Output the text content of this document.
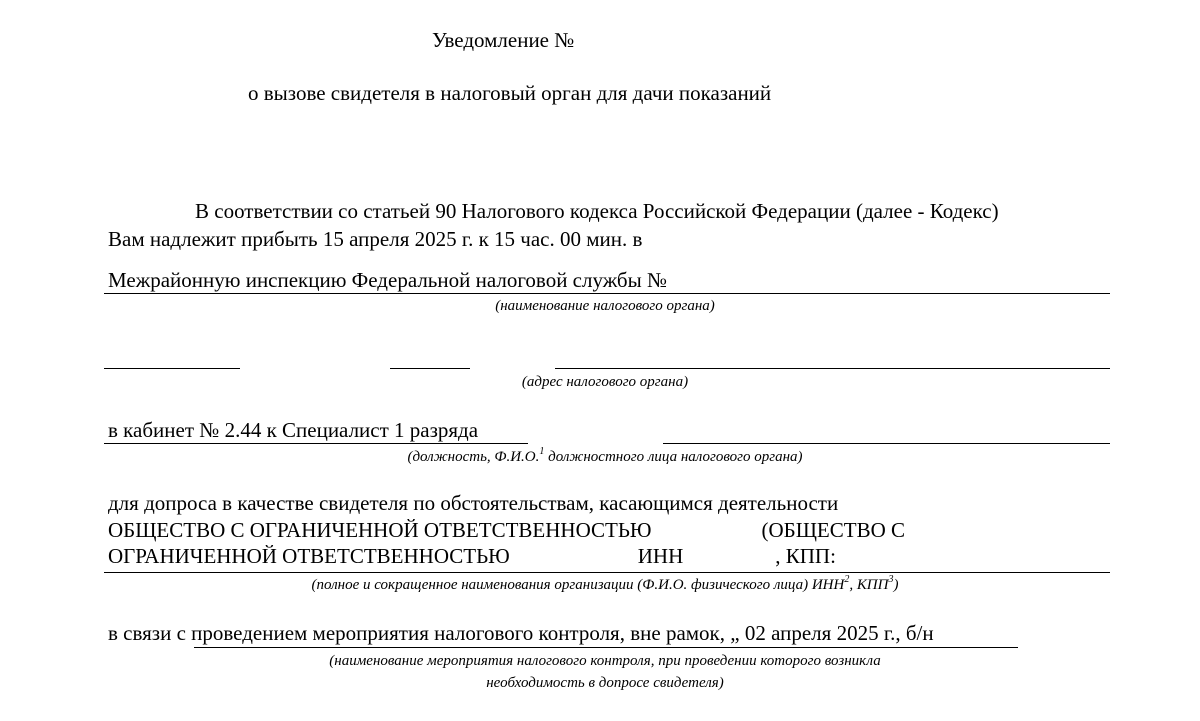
Уведомление №
о вызове свидетеля в налоговый орган для дачи показаний
В соответствии со статьей 90 Налогового кодекса Российской Федерации (далее - Кодекс)
Вам надлежит прибыть 15 апреля 2025 г. к 15 час. 00 мин. в
Межрайонную инспекцию Федеральной налоговой службы №
(наименование налогового органа)
(адрес налогового органа)
в кабинет № 2.44 к Специалист 1 разряда
(должность, Ф.И.О.$^1$ должностного лица налогового органа)
для допроса в качестве свидетеля по обстоятельствам, касающимся деятельности
ОБЩЕСТВО С ОГРАНИЧЕННОЙ ОТВЕТСТВЕННОСТЬЮ	(ОБЩЕСТВО С
ОГРАНИЧЕННОЙ ОТВЕТСТВЕННОСТЬЮ	ИНН	, КПП:
(полное и сокращенное наименования организации (Ф.И.О. физического лица) ИНН$^2$, КПП$^3$)
в связи с проведением мероприятия налогового контроля, вне рамок, „ 02 апреля 2025 г., б/н
(наименование мероприятия налогового контроля, при проведении которого возникла
необходимость в допросе свидетеля)
